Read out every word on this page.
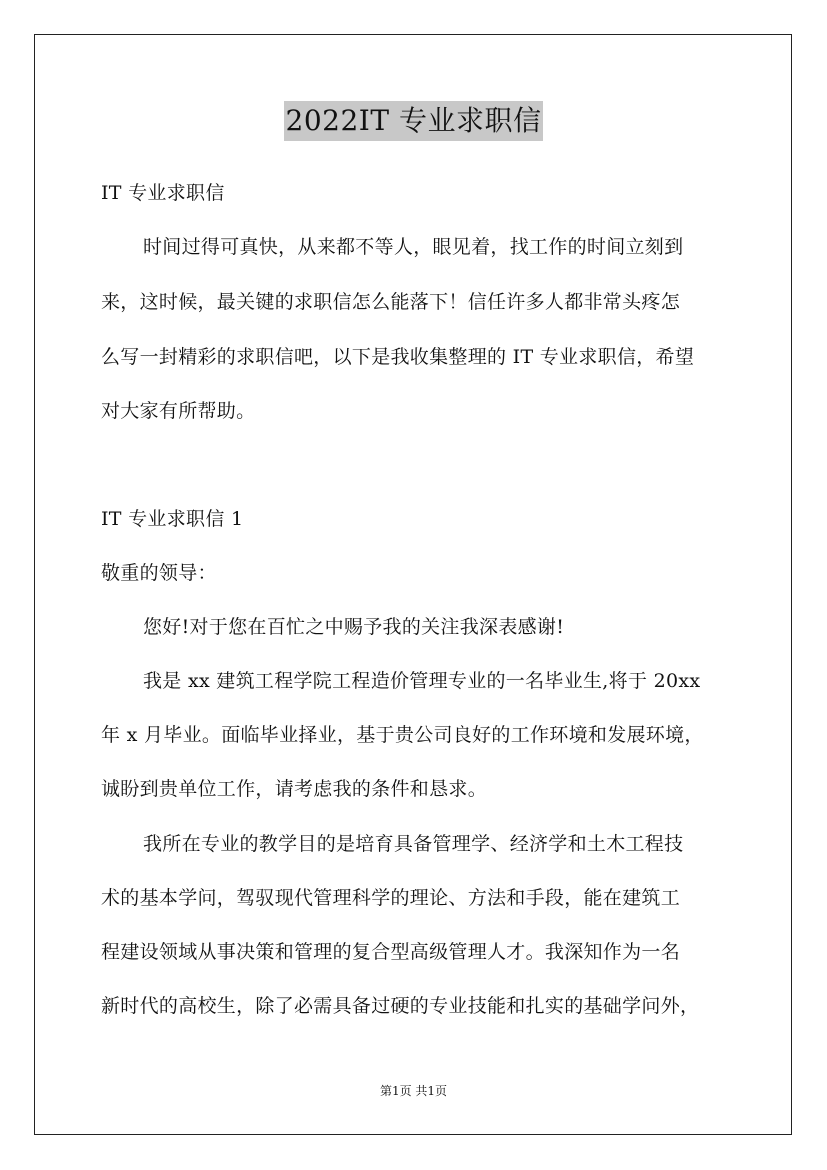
2022IT 专业求职信
IT 专业求职信
时间过得可真快，从来都不等人，眼见着，找工作的时间立刻到
来，这时候，最关键的求职信怎么能落下！信任许多人都非常头疼怎
么写一封精彩的求职信吧，以下是我收集整理的 IT 专业求职信，希望
对大家有所帮助。
IT 专业求职信 1
敬重的领导：
您好!对于您在百忙之中赐予我的关注我深表感谢!
我是 xx 建筑工程学院工程造价管理专业的一名毕业生,将于 20xx
年 x 月毕业。面临毕业择业，基于贵公司良好的工作环境和发展环境，
诚盼到贵单位工作，请考虑我的条件和恳求。
我所在专业的教学目的是培育具备管理学、经济学和土木工程技
术的基本学问，驾驭现代管理科学的理论、方法和手段，能在建筑工
程建设领域从事决策和管理的复合型高级管理人才。我深知作为一名
新时代的高校生，除了必需具备过硬的专业技能和扎实的基础学问外，
第1页 共1页
